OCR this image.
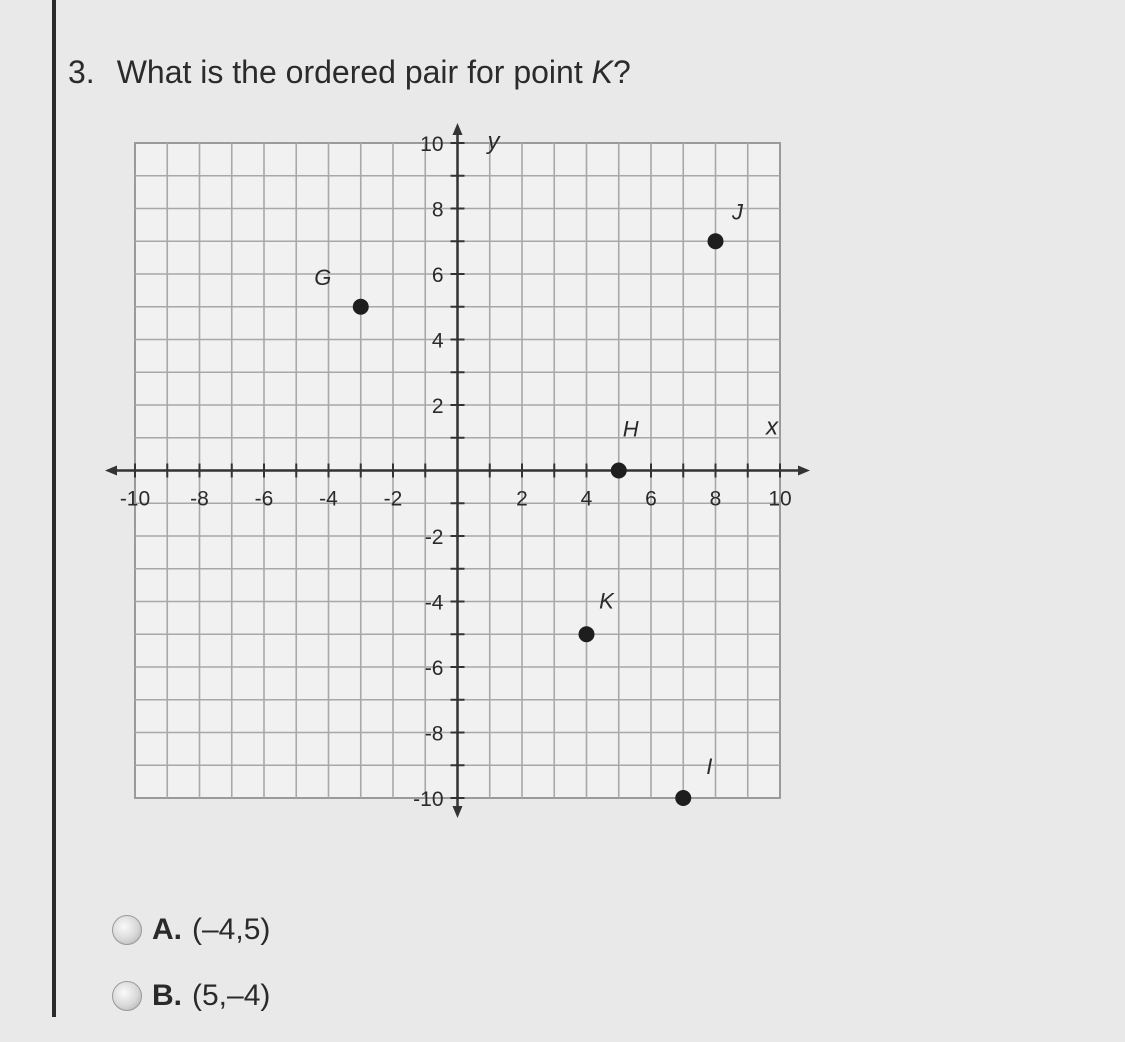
3. What is the ordered pair for point K?
x
y
-10 -8 -6 -4 -2	2	4	6	8 10
10
8
6
4
2
-2
-4
-6
-8
-10
G
J
H
K
I
A. (–4,5)
B. (5,–4)
